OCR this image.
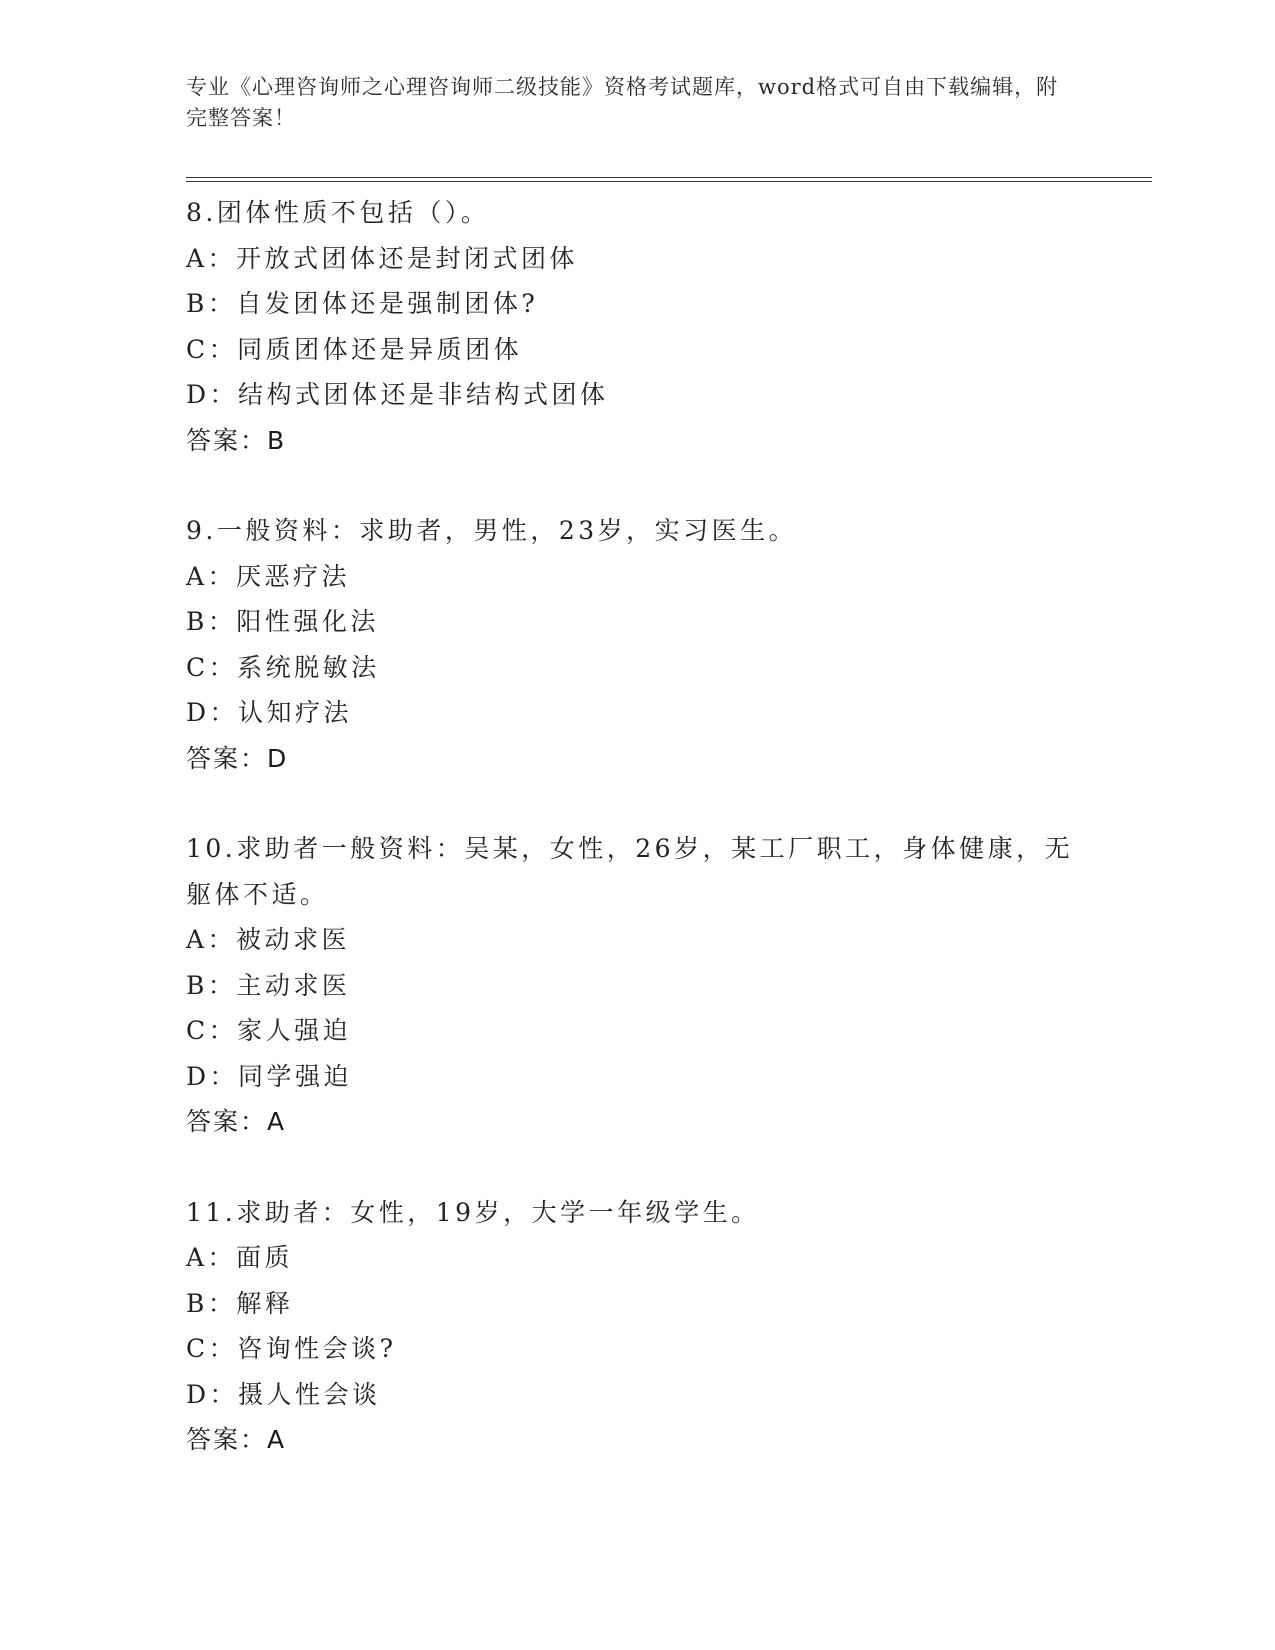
专业《心理咨询师之心理咨询师二级技能》资格考试题库，word格式可自由下载编辑，附完整答案！
8.团体性质不包括（）。
A：开放式团体还是封闭式团体
B：自发团体还是强制团体?
C：同质团体还是异质团体
D：结构式团体还是非结构式团体
答案：B
9.一般资料：求助者，男性，23岁，实习医生。
A：厌恶疗法
B：阳性强化法
C：系统脱敏法
D：认知疗法
答案：D
10.求助者一般资料：吴某，女性，26岁，某工厂职工，身体健康，无躯体不适。
A：被动求医
B：主动求医
C：家人强迫
D：同学强迫
答案：A
11.求助者：女性，19岁，大学一年级学生。
A：面质
B：解释
C：咨询性会谈?
D：摄人性会谈
答案：A
